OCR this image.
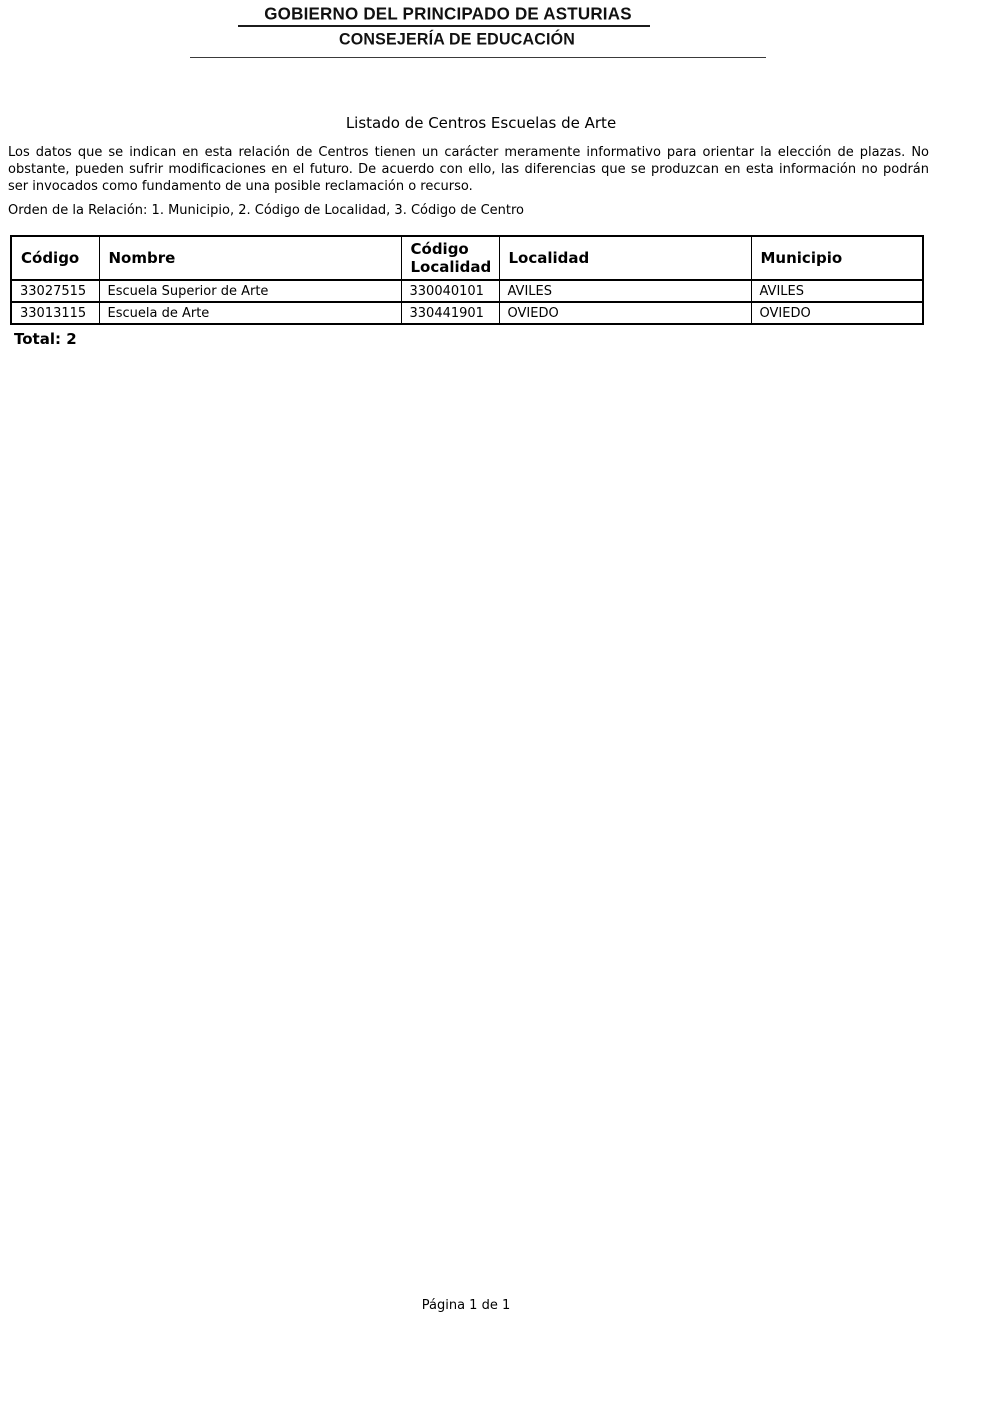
GOBIERNO DEL PRINCIPADO DE ASTURIAS
CONSEJERÍA DE EDUCACIÓN
Listado de Centros Escuelas de Arte
Los datos que se indican en esta relación de Centros tienen un carácter meramente informativo para orientar la elección de plazas. No obstante, pueden sufrir modificaciones en el futuro. De acuerdo con ello, las diferencias que se produzcan en esta información no podrán ser invocados como fundamento de una posible reclamación o recurso.
Orden de la Relación: 1. Municipio, 2. Código de Localidad, 3. Código de Centro
Código	Nombre	Código Localidad	Localidad	Municipio
33027515	Escuela Superior de Arte	330040101	AVILES	AVILES
33013115	Escuela de Arte	330441901	OVIEDO	OVIEDO
Total: 2
Página 1 de 1
